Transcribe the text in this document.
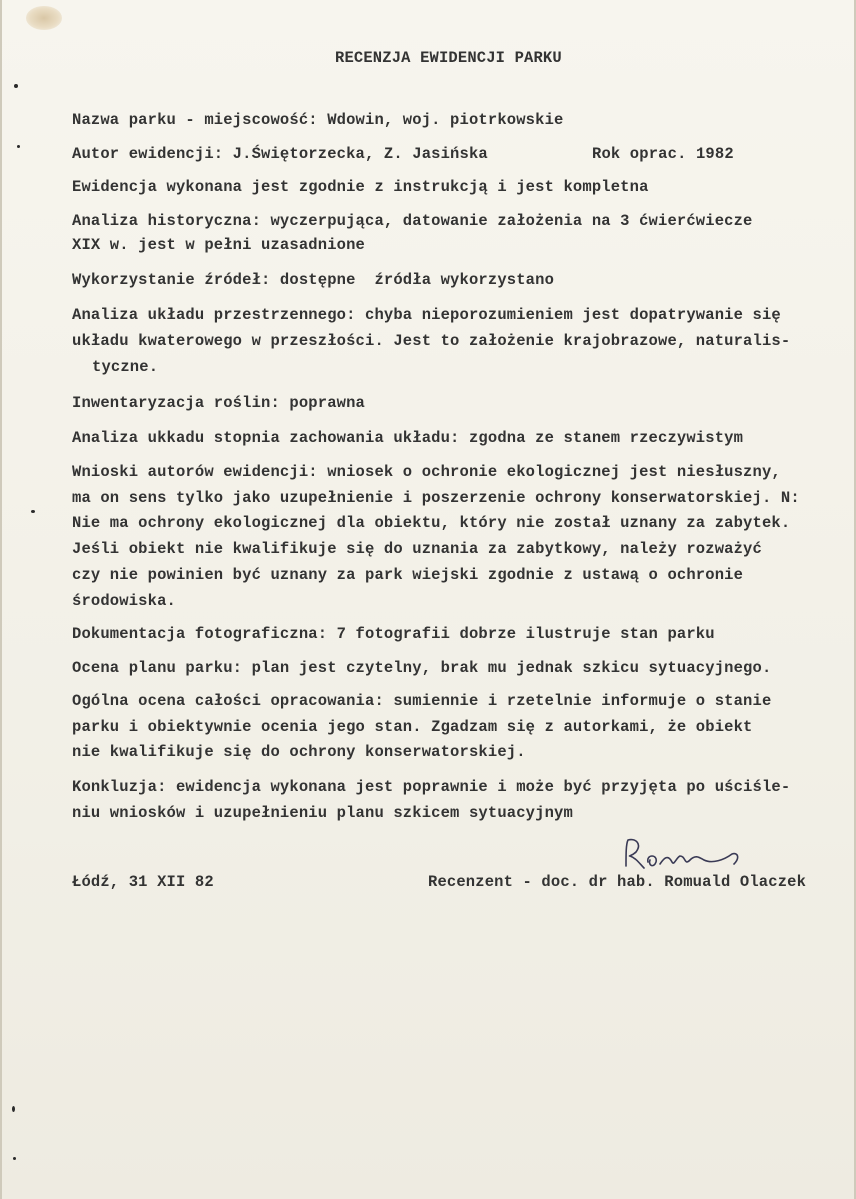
RECENZJA EWIDENCJI PARKU
Nazwa parku - miejscowość: Wdowin, woj. piotrkowskie
Autor ewidencji: J.Świętorzecka, Z. Jasińska	Rok oprac. 1982
Ewidencja wykonana jest zgodnie z instrukcją i jest kompletna
Analiza historyczna: wyczerpująca, datowanie założenia na 3 ćwierćwiecze
XIX w. jest w pełni uzasadnione
Wykorzystanie źródeł: dostępne  źródła wykorzystano
Analiza układu przestrzennego: chyba nieporozumieniem jest dopatrywanie się
układu kwaterowego w przeszłości. Jest to założenie krajobrazowe, naturalis-
tyczne.
Inwentaryzacja roślin: poprawna
Analiza ukkadu stopnia zachowania układu: zgodna ze stanem rzeczywistym
Wnioski autorów ewidencji: wniosek o ochronie ekologicznej jest niesłuszny,
ma on sens tylko jako uzupełnienie i poszerzenie ochrony konserwatorskiej. N:
Nie ma ochrony ekologicznej dla obiektu, który nie został uznany za zabytek.
Jeśli obiekt nie kwalifikuje się do uznania za zabytkowy, należy rozważyć
czy nie powinien być uznany za park wiejski zgodnie z ustawą o ochronie
środowiska.
Dokumentacja fotograficzna: 7 fotografii dobrze ilustruje stan parku
Ocena planu parku: plan jest czytelny, brak mu jednak szkicu sytuacyjnego.
Ogólna ocena całości opracowania: sumiennie i rzetelnie informuje o stanie
parku i obiektywnie ocenia jego stan. Zgadzam się z autorkami, że obiekt
nie kwalifikuje się do ochrony konserwatorskiej.
Konkluzja: ewidencja wykonana jest poprawnie i może być przyjęta po uściśle-
niu wniosków i uzupełnieniu planu szkicem sytuacyjnym
Łódź, 31 XII 82	Recenzent - doc. dr hab. Romuald Olaczek
